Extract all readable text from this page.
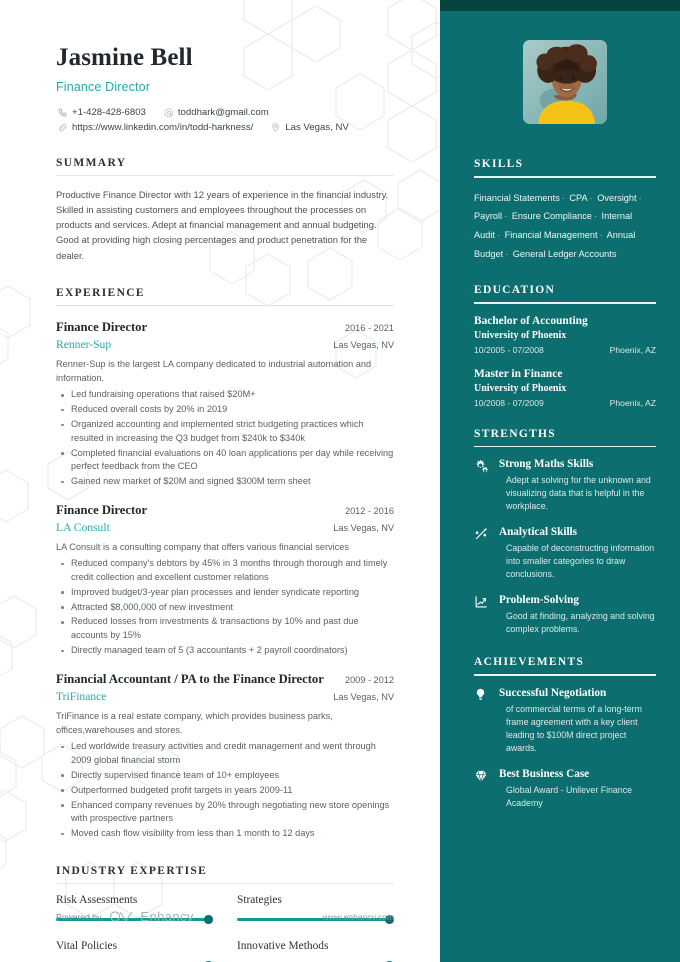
Jasmine Bell
Finance Director
+1-428-428-6803	toddhark@gmail.com
https://www.linkedin.com/in/todd-harkness/	Las Vegas, NV
SUMMARY
Productive Finance Director with 12 years of experience in the financial industry. Skilled in assisting customers and employees throughout the processes on products and services. Adept at financial management and annual budgeting. Good at providing high closing percentages and product penetration for the dealer.
EXPERIENCE
Finance Director	2016 - 2021
Renner-Sup	Las Vegas, NV
Renner-Sup is the largest LA company dedicated to industrial automation and information.
Led fundraising operations that raised $20M+
Reduced overall costs by 20% in 2019
Organized accounting and implemented strict budgeting practices which resulted in increasing the Q3 budget from $240k to $340k
Completed financial evaluations on 40 loan applications per day while receiving perfect feedback from the CEO
Gained new market of $20M and signed $300M term sheet
Finance Director	2012 - 2016
LA Consult	Las Vegas, NV
LA Consult is a consulting company that offers various financial services
Reduced company's debtors by 45% in 3 months through thorough and timely credit collection and excellent customer relations
Improved budget/3-year plan processes and lender syndicate reporting
Attracted $8,000,000 of new investment
Reduced losses from investments & transactions by 10% and past due accounts by 15%
Directly managed team of 5 (3 accountants + 2 payroll coordinators)
Financial Accountant / PA to the Finance Director 2009 - 2012
TriFinance	Las Vegas, NV
TriFinance is a real estate company, which provides business parks, offices,warehouses and stores.
Led worldwide treasury activities and credit management and went through 2009 global financial storm
Directly supervised finance team of 10+ employees
Outperformed budgeted profit targets in years 2009-11
Enhanced company revenues by 20% through negotiating new store openings with prospective partners
Moved cash flow visibility from less than 1 month to 12 days
INDUSTRY EXPERTISE
Risk Assessments	Strategies
Vital Policies	Innovative Methods
Powered by	Enhancv	www.enhancv.com
SKILLS
Financial Statements · CPA · Oversight · Payroll · Ensure Compliance · Internal Audit · Financial Management · Annual Budget · General Ledger Accounts
EDUCATION
Bachelor of Accounting
University of Phoenix
10/2005 - 07/2008	Phoenix, AZ
Master in Finance
University of Phoenix
10/2008 - 07/2009	Phoenix, AZ
STRENGTHS
Strong Maths Skills
Adept at solving for the unknown and visualizing data that is helpful in the workplace.
Analytical Skills
Capable of deconstructing information into smaller categories to draw conclusions.
Problem-Solving
Good at finding, analyzing and solving complex problems.
ACHIEVEMENTS
Successful Negotiation
of commercial terms of a long-term frame agreement with a key client leading to $100M direct project awards.
Best Business Case
Global Award - Unilever Finance Academy
